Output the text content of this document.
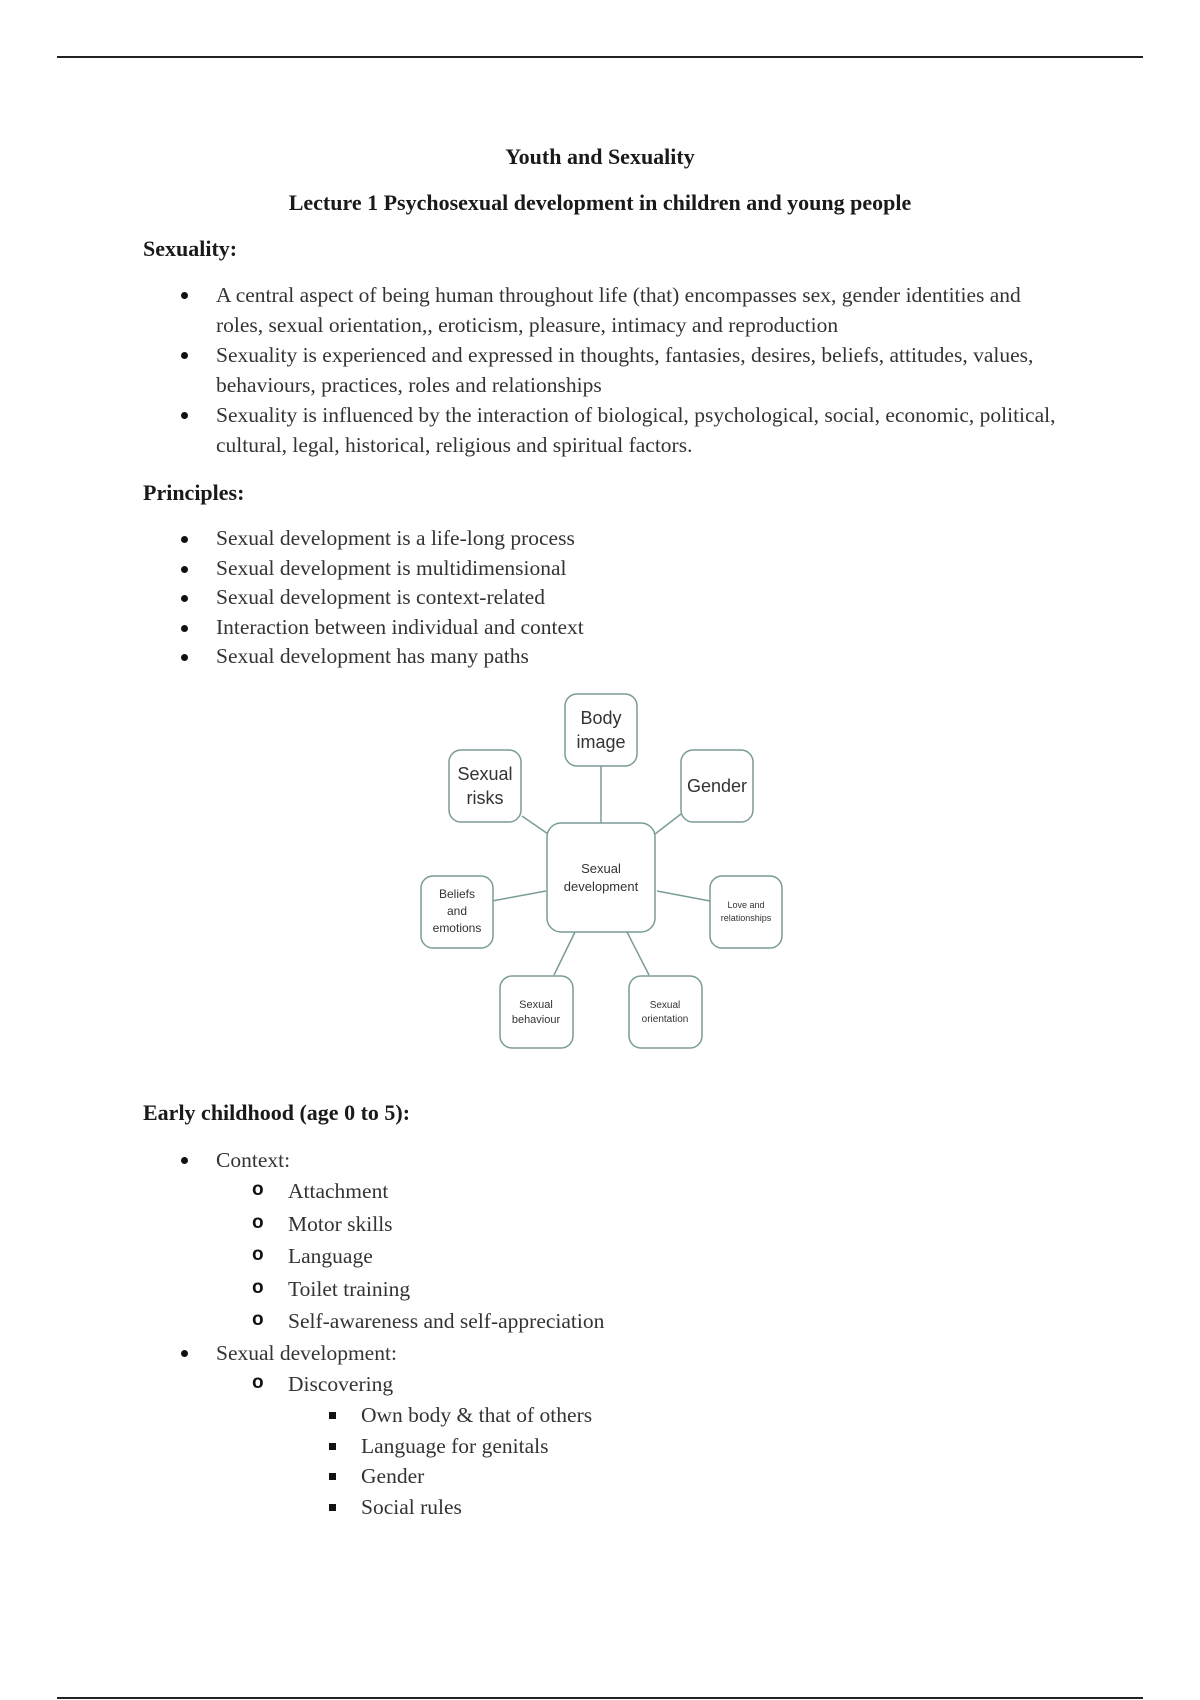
Youth and Sexuality
Lecture 1 Psychosexual development in children and young people
Sexuality:
A central aspect of being human throughout life (that) encompasses sex, gender identities and roles, sexual orientation,, eroticism, pleasure, intimacy and reproduction
Sexuality is experienced and expressed in thoughts, fantasies, desires, beliefs, attitudes, values, behaviours, practices, roles and relationships
Sexuality is influenced by the interaction of biological, psychological, social, economic, political, cultural, legal, historical, religious and spiritual factors.
Principles:
Sexual development is a life-long process
Sexual development is multidimensional
Sexual development is context-related
Interaction between individual and context
Sexual development has many paths
Sexual
development
Body
image
Sexual
risks
Gender
Beliefs
and
emotions
Love and
relationships
Sexual
behaviour
Sexual
orientation
Early childhood (age 0 to 5):
Context:
o Attachment
o Motor skills
o Language
o Toilet training
o Self-awareness and self-appreciation
Sexual development:
o Discovering
Own body & that of others
Language for genitals
Gender
Social rules
